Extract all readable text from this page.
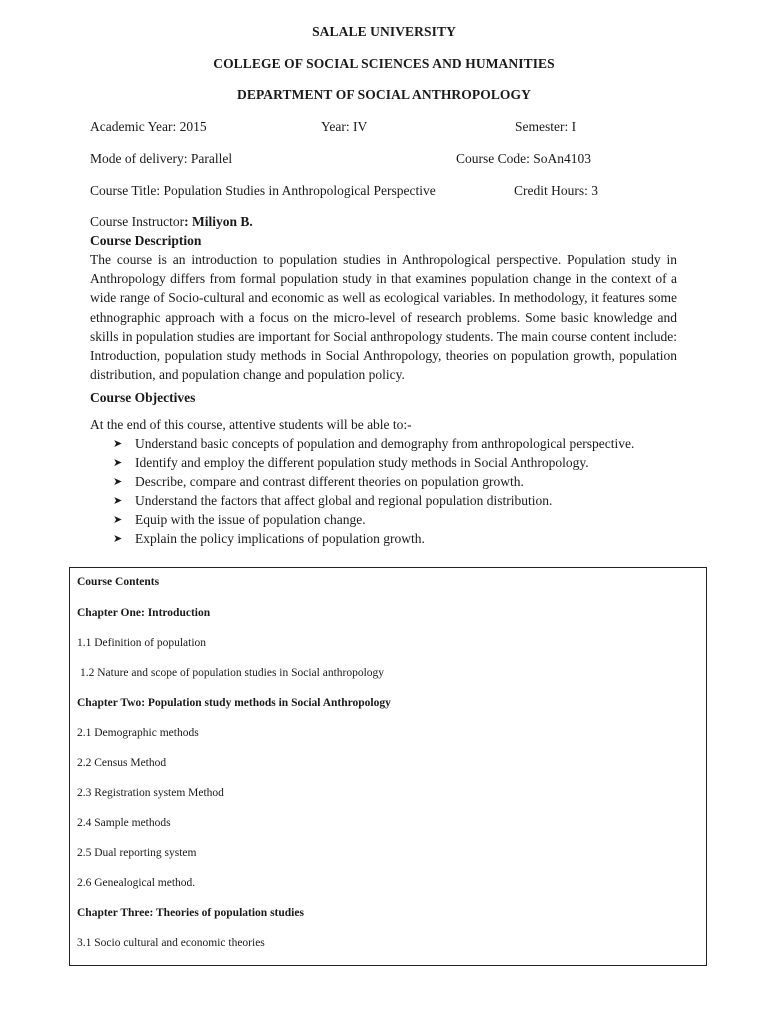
SALALE UNIVERSITY
COLLEGE OF SOCIAL SCIENCES AND HUMANITIES
DEPARTMENT OF SOCIAL ANTHROPOLOGY
Academic Year: 2015	Year: IV	Semester: I
Mode of delivery: Parallel	Course Code: SoAn4103
Course Title: Population Studies in Anthropological Perspective	Credit Hours: 3
Course Instructor: Miliyon B.
Course Description
The course is an introduction to population studies in Anthropological perspective. Population study in Anthropology differs from formal population study in that examines population change in the context of a wide range of Socio-cultural and economic as well as ecological variables. In methodology, it features some ethnographic approach with a focus on the micro-level of research problems. Some basic knowledge and skills in population studies are important for Social anthropology students. The main course content include: Introduction, population study methods in Social Anthropology, theories on population growth, population distribution, and population change and population policy.
Course Objectives
At the end of this course, attentive students will be able to:-
➤ Understand basic concepts of population and demography from anthropological perspective.
➤ Identify and employ the different population study methods in Social Anthropology.
➤ Describe, compare and contrast different theories on population growth.
➤ Understand the factors that affect global and regional population distribution.
➤ Equip with the issue of population change.
➤ Explain the policy implications of population growth.
Course Contents
Chapter One: Introduction
1.1 Definition of population
1.2 Nature and scope of population studies in Social anthropology
Chapter Two: Population study methods in Social Anthropology
2.1 Demographic methods
2.2 Census Method
2.3 Registration system Method
2.4 Sample methods
2.5 Dual reporting system
2.6 Genealogical method.
Chapter Three: Theories of population studies
3.1 Socio cultural and economic theories
